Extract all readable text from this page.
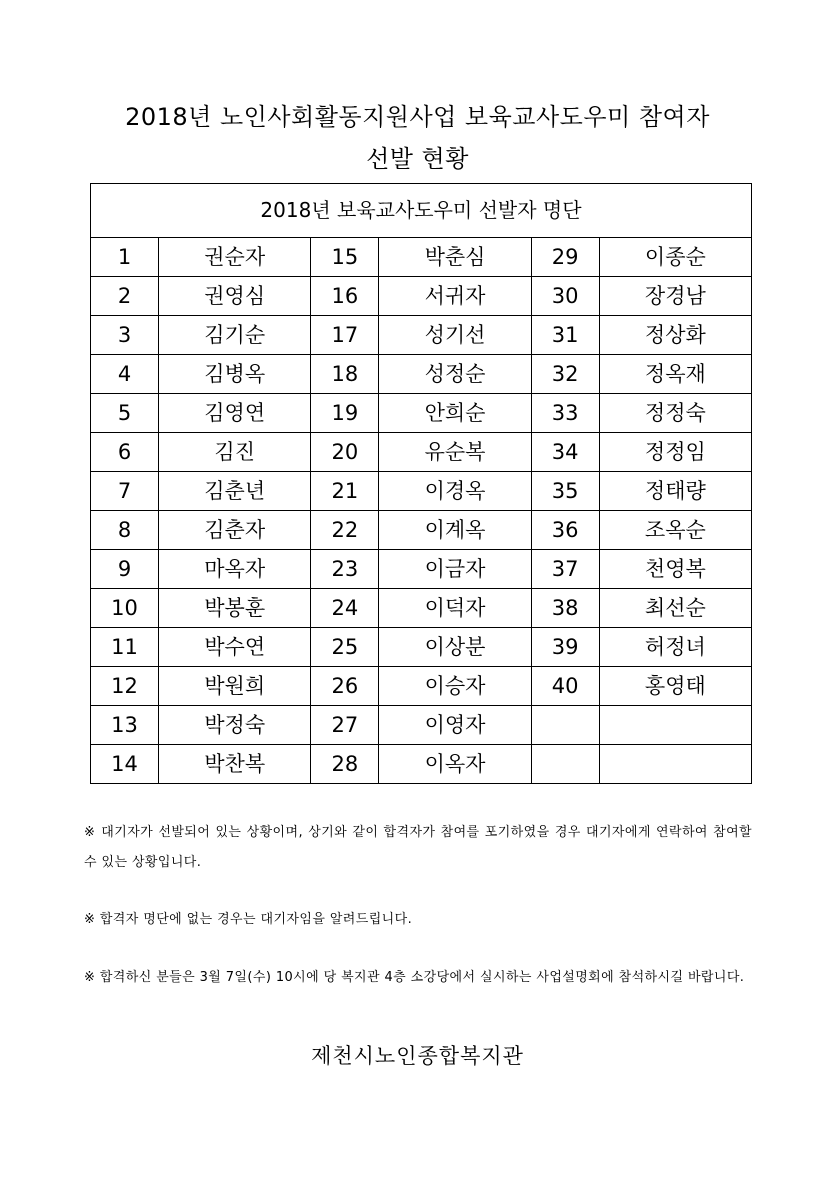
2018년 노인사회활동지원사업 보육교사도우미 참여자
선발 현황
2018년 보육교사도우미 선발자 명단					
1	권순자	15	박춘심	29	이종순
2	권영심	16	서귀자	30	장경남
3	김기순	17	성기선	31	정상화
4	김병옥	18	성정순	32	정옥재
5	김영연	19	안희순	33	정정숙
6	김진	20	유순복	34	정정임
7	김춘년	21	이경옥	35	정태량
8	김춘자	22	이계옥	36	조옥순
9	마옥자	23	이금자	37	천영복
10	박봉훈	24	이덕자	38	최선순
11	박수연	25	이상분	39	허정녀
12	박원희	26	이승자	40	홍영태
13	박정숙	27	이영자		
14	박찬복	28	이옥자		
※ 대기자가 선발되어 있는 상황이며, 상기와 같이 합격자가 참여를 포기하였을 경우 대기자에게 연락하여 참여할 수 있는 상황입니다.
※ 합격자 명단에 없는 경우는 대기자임을 알려드립니다.
※ 합격하신 분들은 3월 7일(수) 10시에 당 복지관 4층 소강당에서 실시하는 사업설명회에 참석하시길 바랍니다.
제천시노인종합복지관
